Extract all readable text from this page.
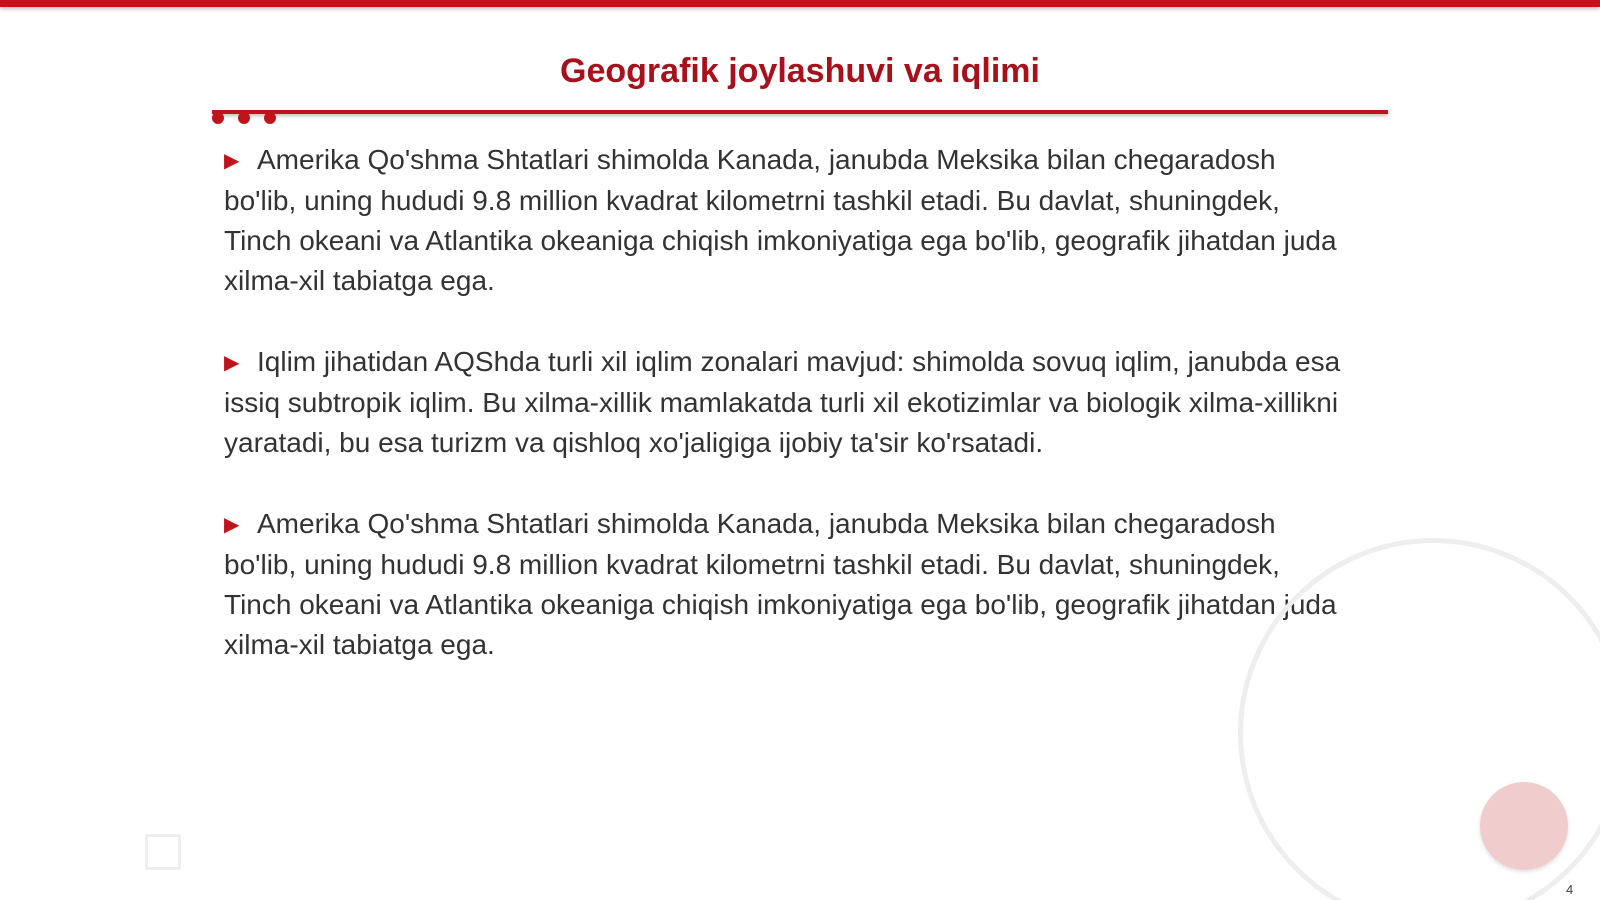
Geografik joylashuvi va iqlimi

▶ Amerika Qo'shma Shtatlari shimolda Kanada, janubda Meksika bilan chegaradosh bo'lib, uning hududi 9.8 million kvadrat kilometrni tashkil etadi. Bu davlat, shuningdek, Tinch okeani va Atlantika okeaniga chiqish imkoniyatiga ega bo'lib, geografik jihatdan juda xilma-xil tabiatga ega.

▶ Iqlim jihatidan AQShda turli xil iqlim zonalari mavjud: shimolda sovuq iqlim, janubda esa issiq subtropik iqlim. Bu xilma-xillik mamlakatda turli xil ekotizimlar va biologik xilma-xillikni yaratadi, bu esa turizm va qishloq xo'jaligiga ijobiy ta'sir ko'rsatadi.

▶ Amerika Qo'shma Shtatlari shimolda Kanada, janubda Meksika bilan chegaradosh bo'lib, uning hududi 9.8 million kvadrat kilometrni tashkil etadi. Bu davlat, shuningdek, Tinch okeani va Atlantika okeaniga chiqish imkoniyatiga ega bo'lib, geografik jihatdan juda xilma-xil tabiatga ega.

4
